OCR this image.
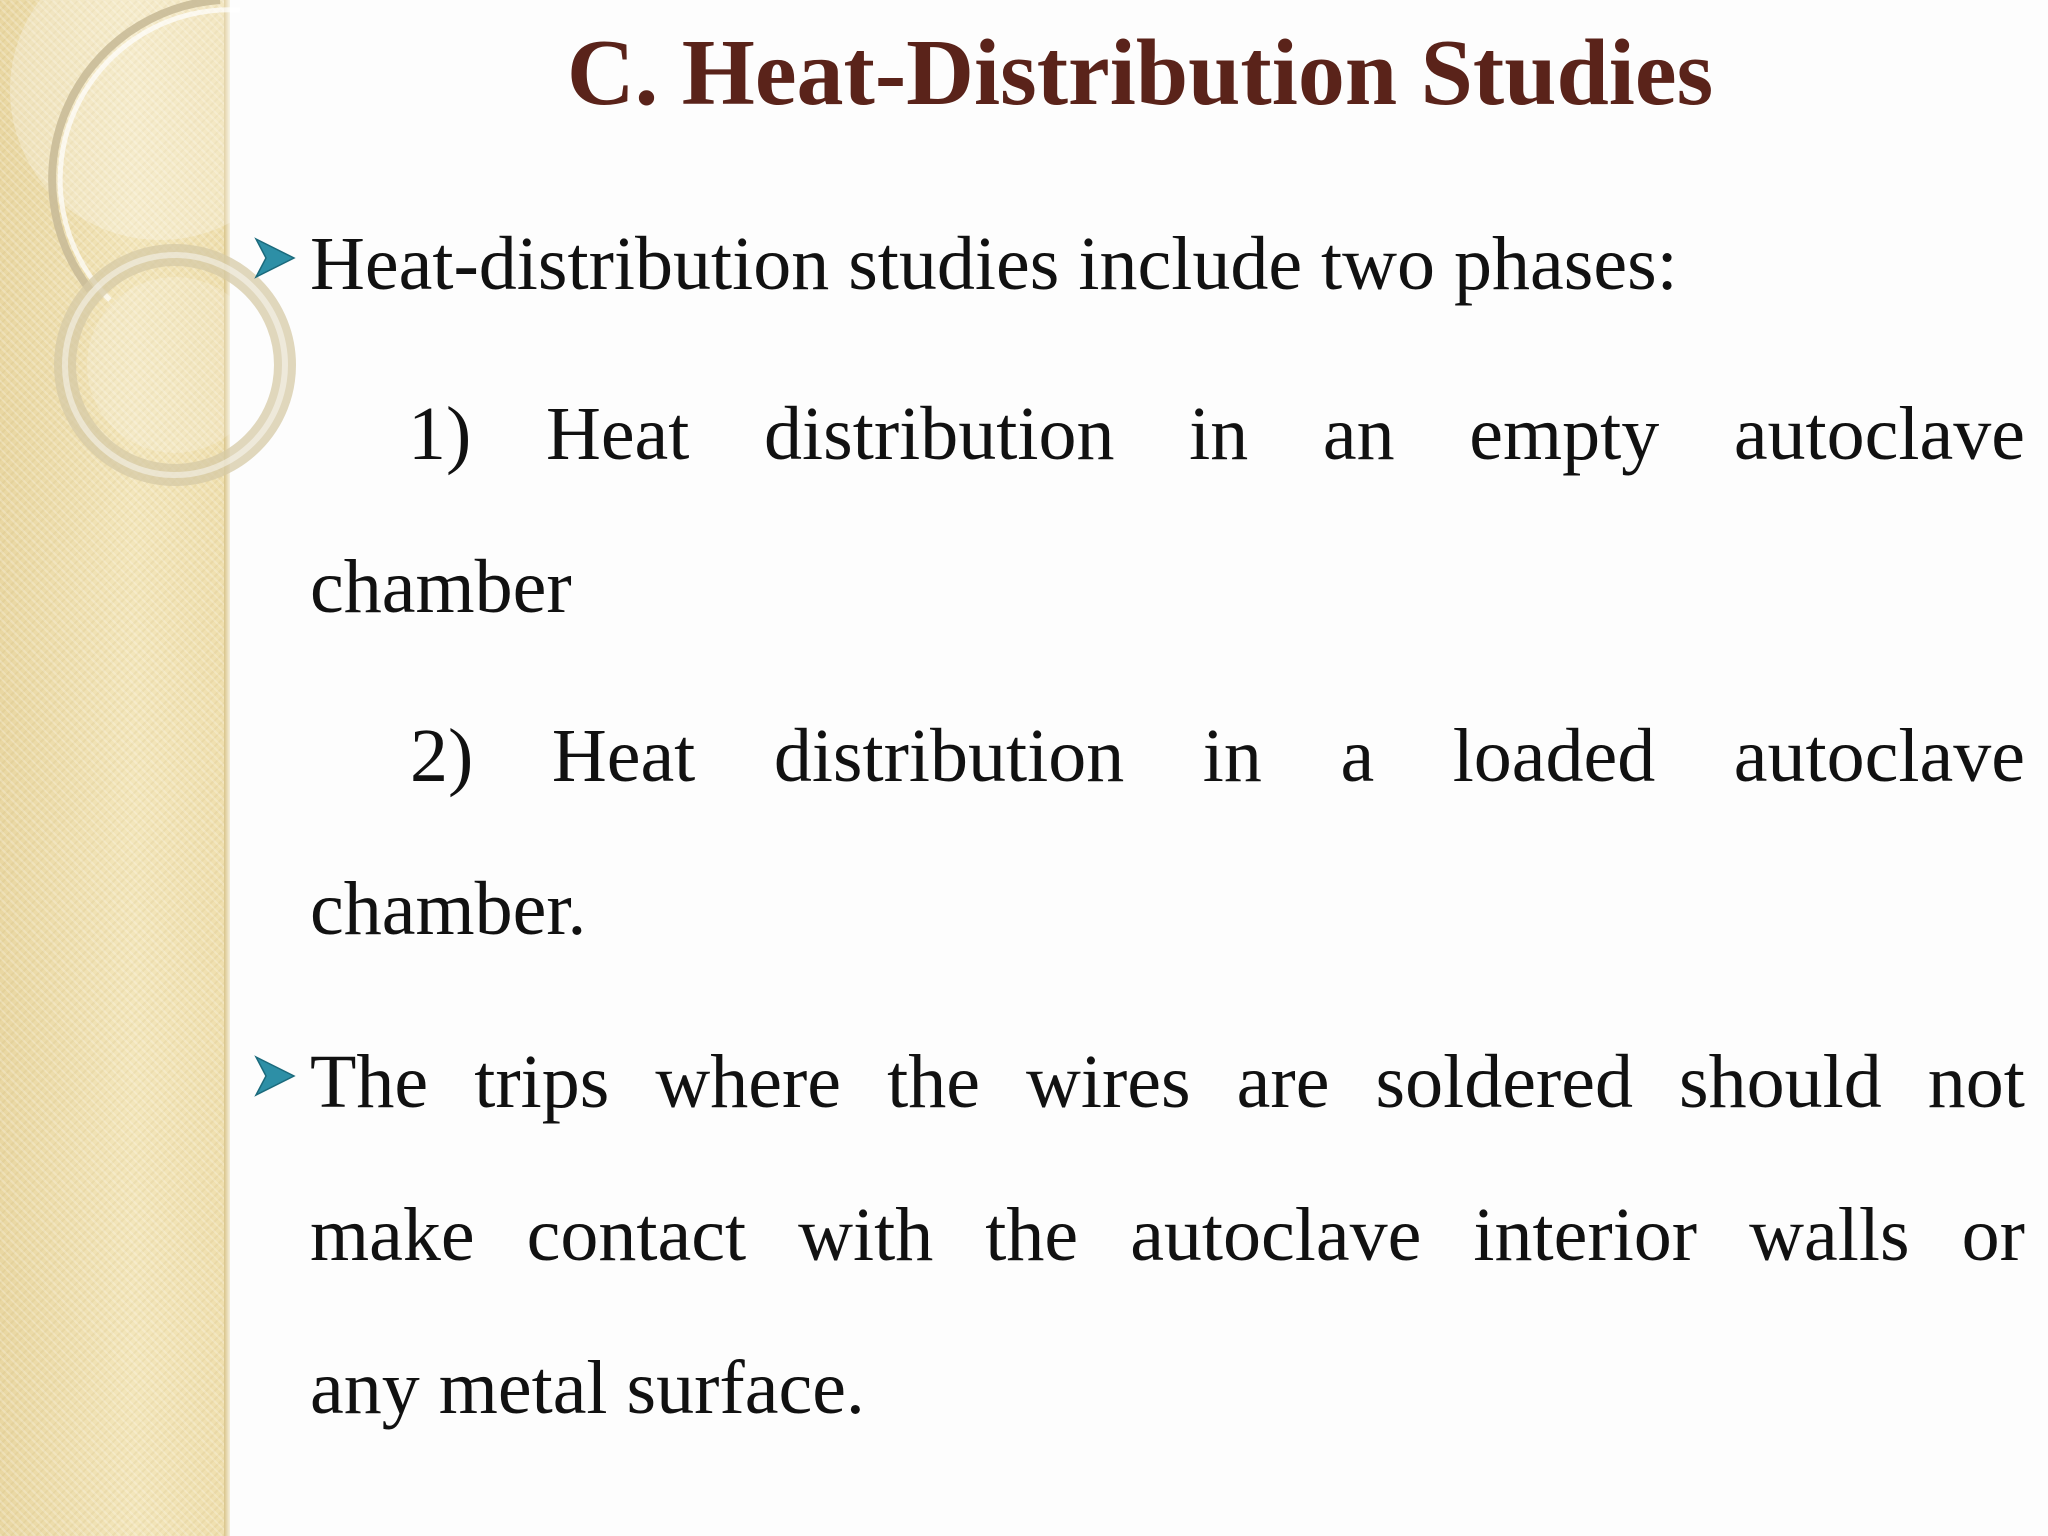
C. Heat-Distribution Studies
Heat-distribution studies include two phases:
1) Heat distribution in an empty autoclave
chamber
2) Heat distribution in a loaded autoclave
chamber.
The trips where the wires are soldered should not
make contact with the autoclave interior walls or
any metal surface.
